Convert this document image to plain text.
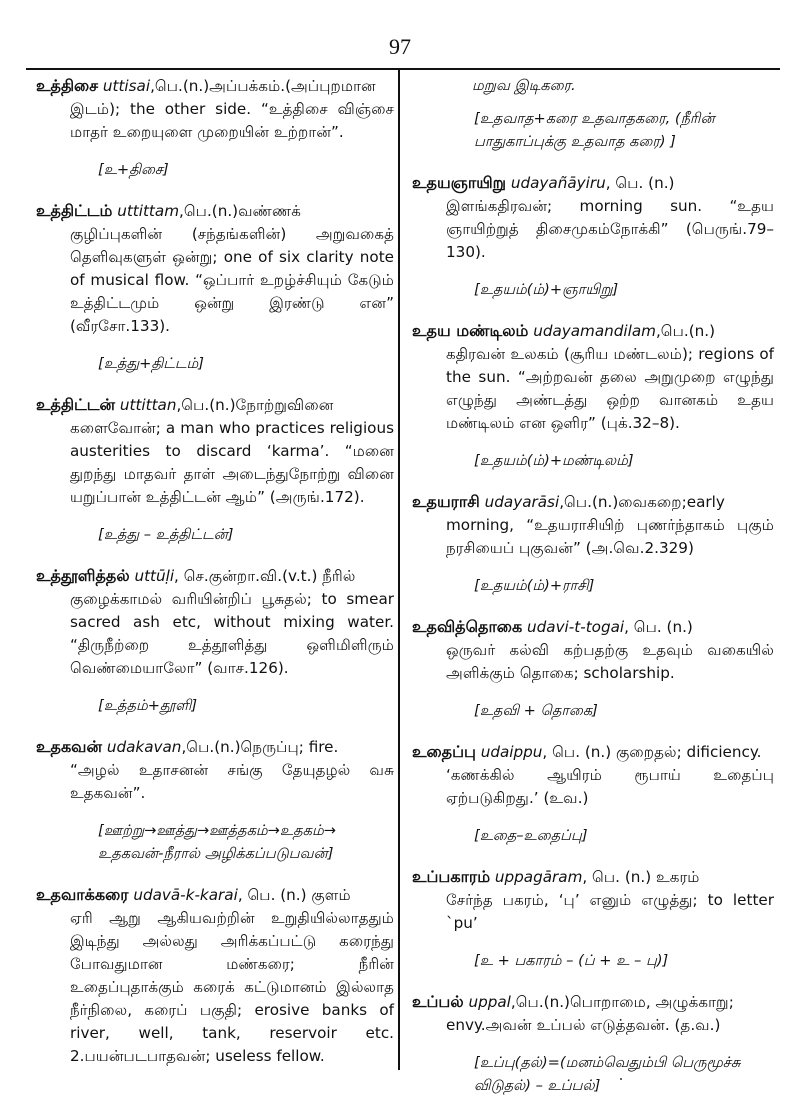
97
உத்திசை uttisai,பெ.(n.)அப்பக்கம்.(அப்புறமான
இடம்); the other side. “உத்திசை விஞ்சை மாதர் உறையுளை முறையின் உற்றான்”.
[உ+திசை]
உத்திட்டம் uttittam,பெ.(n.)வண்ணக்
குழிப்புகளின் (சந்தங்களின்) அறுவகைத் தெளிவுகளுள் ஒன்று; one of six clarity note of musical flow. “ஒப்பார் உறழ்ச்சியும் கேடும் உத்திட்டமும் ஒன்று இரண்டு என” (வீரசோ.133).
[உத்து+திட்டம்]
உத்திட்டன் uttittan,பெ.(n.)நோற்றுவினை
களைவோன்; a man who practices religious austerities to discard ‘karma’. “மனை துறந்து மாதவர் தாள் அடைந்துநோற்று வினை யறுப்பான் உத்திட்டன் ஆம்” (அருங்.172).
[உத்து – உத்திட்டன்]
உத்தூளித்தல் uttūḷi, செ.குன்றா.வி.(v.t.) நீரில்
குழைக்காமல் வரியின்றிப் பூசுதல்; to smear sacred ash etc, without mixing water. “திருநீற்றை உத்தூளித்து ஒளிமிளிரும் வெண்மையாலோ” (வாச.126).
[உத்தம்+தூளி]
உதகவன் udakavan,பெ.(n.)நெருப்பு; fire.
“அழல் உதாசனன் சங்கு தேயுதழல் வசு உதகவன்”.
[ஊற்று→ஊத்து→ஊத்தகம்→உதகம்→ உதகவன்-நீரால் அழிக்கப்படுபவன்]
உதவாக்கரை udavā-k-karai, பெ. (n.) குளம்
ஏரி ஆறு ஆகியவற்றின் உறுதியில்லாததும் இடிந்து அல்லது அரிக்கப்பட்டு கரைந்து போவதுமான மண்கரை; நீரின் உதைப்புதாக்கும் கரைக் கட்டுமானம் இல்லாத நீர்நிலை, கரைப் பகுதி; erosive banks of river, well, tank, reservoir etc. 2.பயன்படபாதவன்; useless fellow.
மறுவ இடிகரை.
[உதவாத+கரை உதவாதகரை, (நீரின் பாதுகாப்புக்கு உதவாத கரை) ]
உதயஞாயிறு udayañāyiru, பெ. (n.)
இளங்கதிரவன்; morning sun. “உதய ஞாயிற்றுத் திசைமுகம்நோக்கி” (பெருங்.79–130).
[உதயம்(ம்)+ஞாயிறு]
உதய மண்டிலம் udayamandilam,பெ.(n.)
கதிரவன் உலகம் (சூரிய மண்டலம்); regions of the sun. “அற்றவன் தலை அறுமுறை எழுந்து எழுந்து அண்டத்து ஒற்ற வானகம் உதய மண்டிலம் என ஒளிர” (புக்.32–8).
[உதயம்(ம்)+மண்டிலம்]
உதயராசி udayarāsi,பெ.(n.)வைகறை;early
morning, “உதயராசியிற் புணர்ந்தாகம் புகும் நரசியைப் புகுவன்” (அ.வெ.2.329)
[உதயம்(ம்)+ராசி]
உதவித்தொகை udavi-t-togai, பெ. (n.)
ஒருவர் கல்வி கற்பதற்கு உதவும் வகையில் அளிக்கும் தொகை; scholarship.
[உதவி + தொகை]
உதைப்பு udaippu, பெ. (n.) குறைதல்; dificiency.
‘கணக்கில் ஆயிரம் ரூபாய் உதைப்பு ஏற்படுகிறது.’ (உவ.)
[உதை–உதைப்பு]
உப்பகாரம் uppagāram, பெ. (n.) உகரம்
சேர்ந்த பகரம், ‘பு’ எனும் எழுத்து; to letter `pu’
[உ + பகாரம் – (ப் + உ – பு)]
உப்பல் uppal,பெ.(n.)பொறாமை, அழுக்காறு;
envy.அவன் உப்பல் எடுத்தவன். (த.வ.)
[உப்பு(தல்)=(மனம்வெதும்பி பெருமூச்சு விடுதல்) – உப்பல்]
